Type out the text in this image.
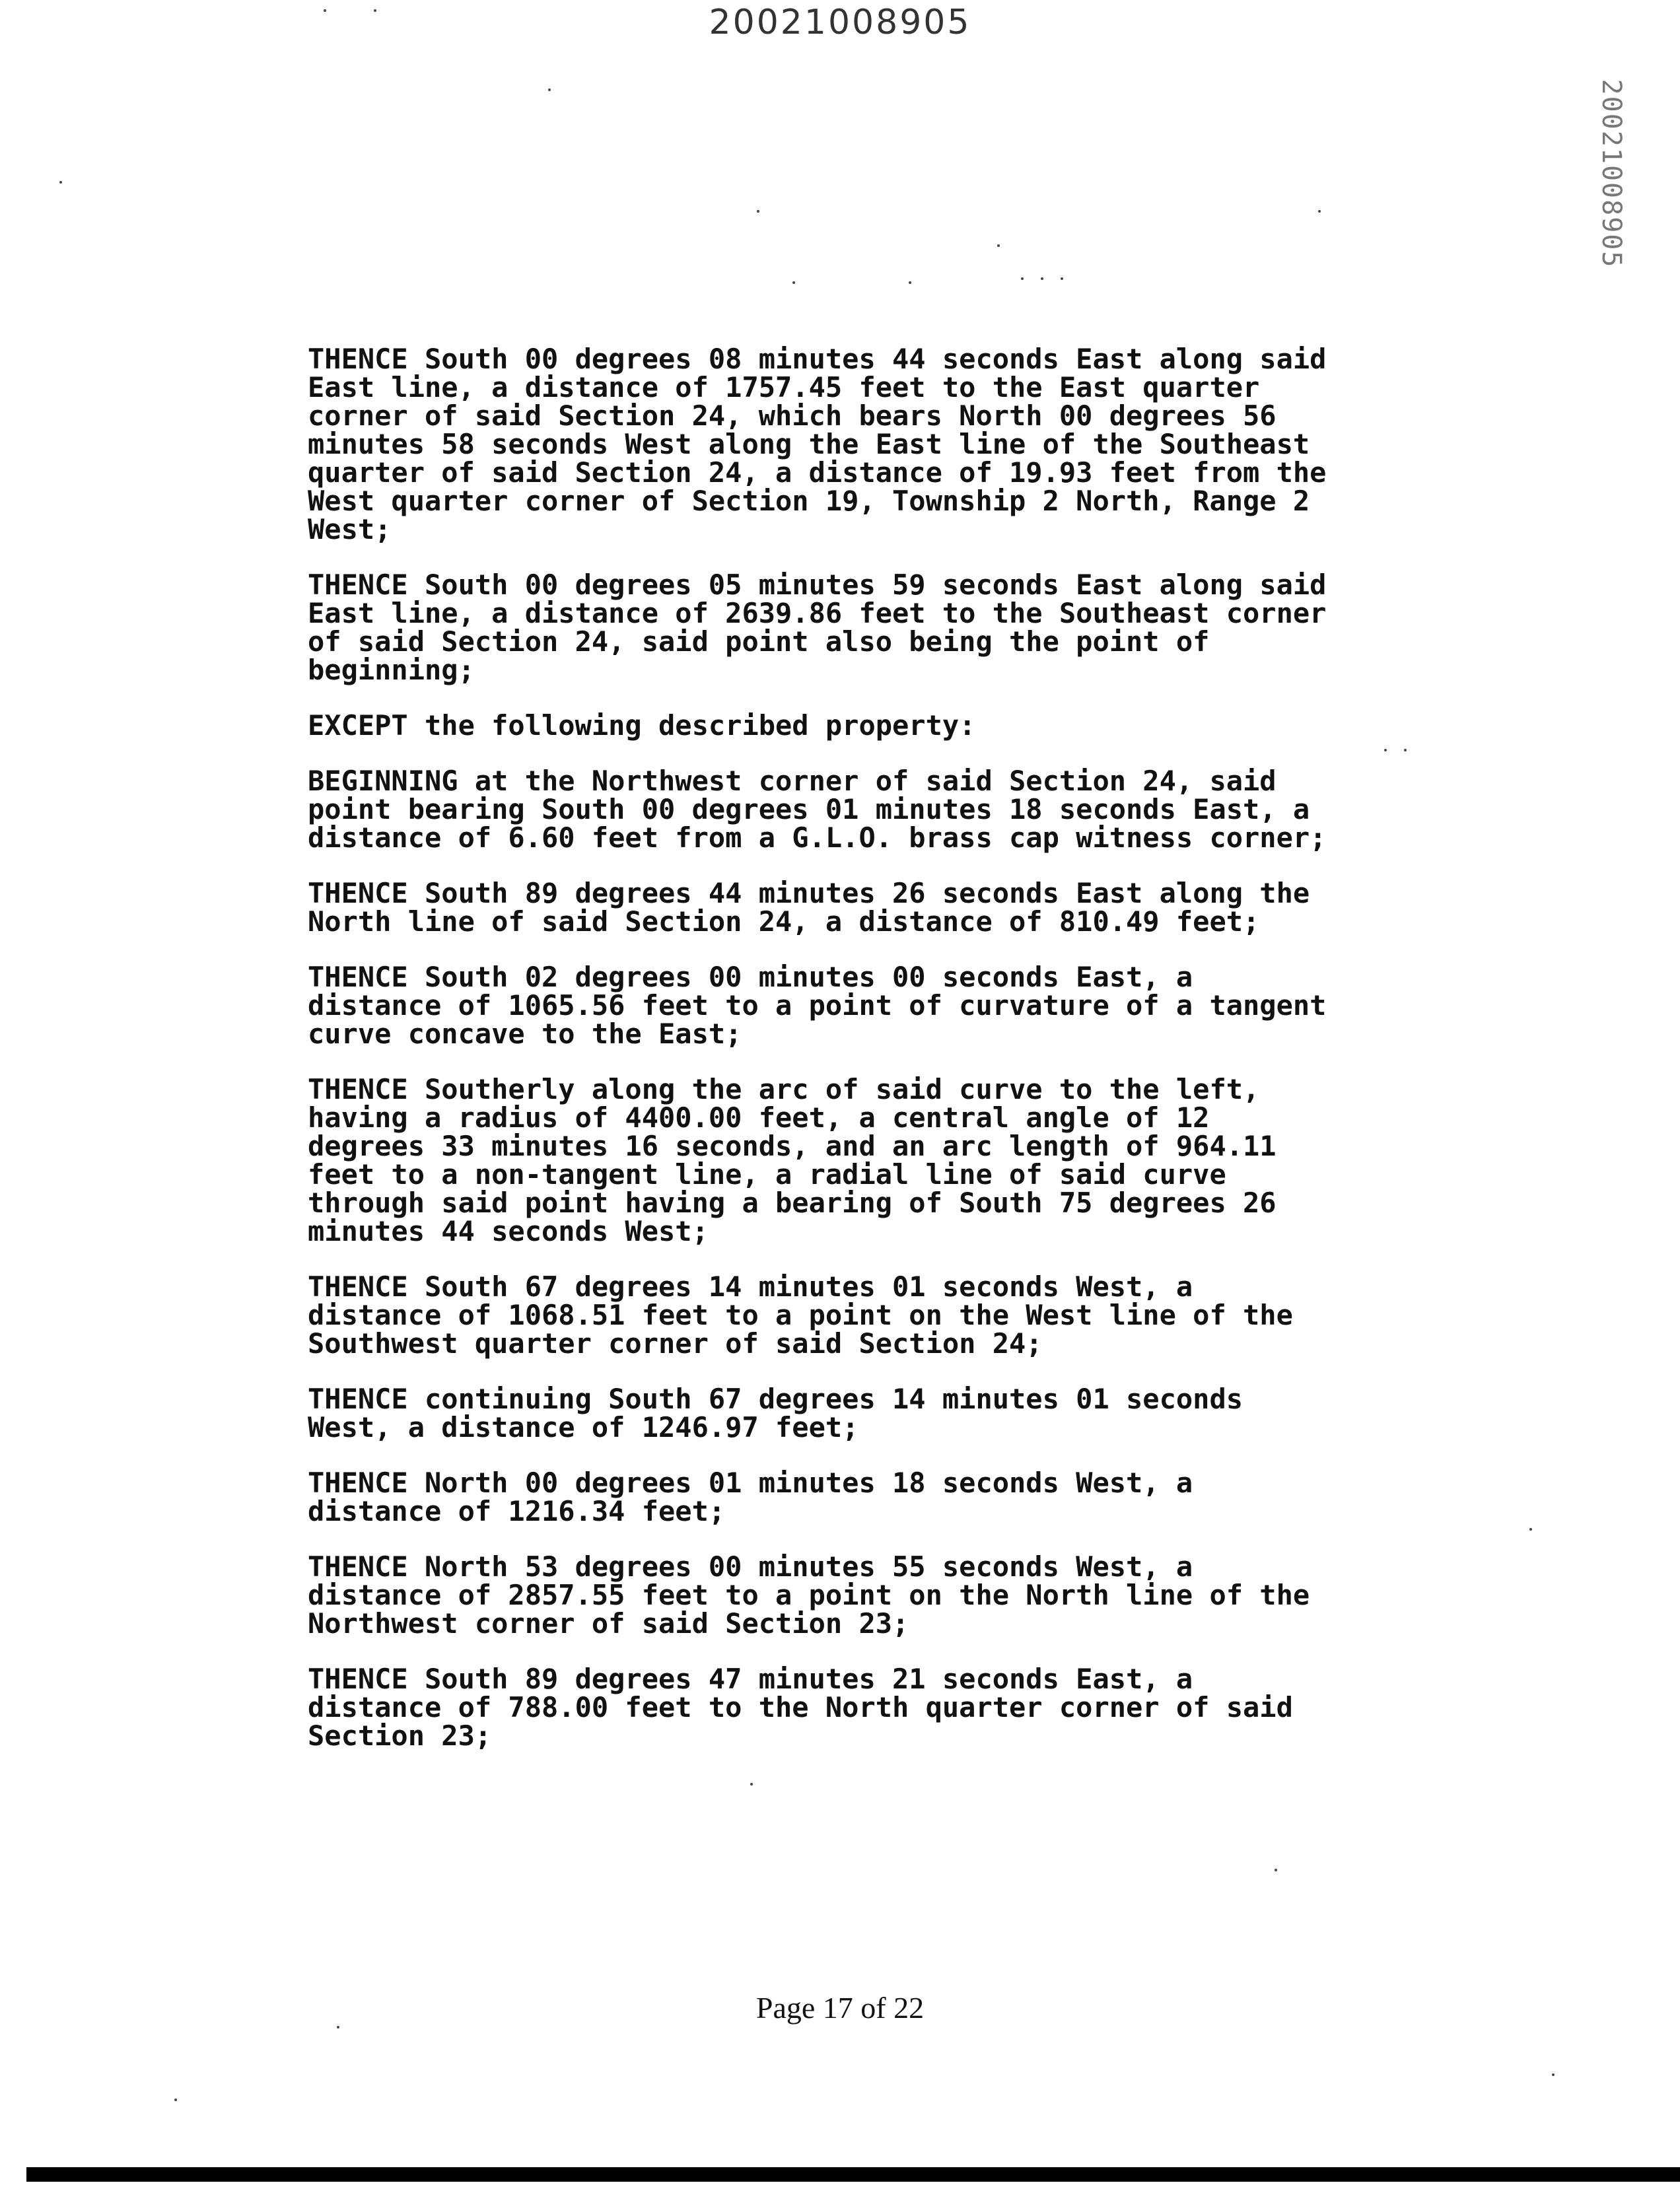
20021008905
20021008905
THENCE South 00 degrees 08 minutes 44 seconds East along said
East line, a distance of 1757.45 feet to the East quarter
corner of said Section 24, which bears North 00 degrees 56
minutes 58 seconds West along the East line of the Southeast
quarter of said Section 24, a distance of 19.93 feet from the
West quarter corner of Section 19, Township 2 North, Range 2
West;
THENCE South 00 degrees 05 minutes 59 seconds East along said
East line, a distance of 2639.86 feet to the Southeast corner
of said Section 24, said point also being the point of
beginning;
EXCEPT the following described property:
BEGINNING at the Northwest corner of said Section 24, said
point bearing South 00 degrees 01 minutes 18 seconds East, a
distance of 6.60 feet from a G.L.O. brass cap witness corner;
THENCE South 89 degrees 44 minutes 26 seconds East along the
North line of said Section 24, a distance of 810.49 feet;
THENCE South 02 degrees 00 minutes 00 seconds East, a
distance of 1065.56 feet to a point of curvature of a tangent
curve concave to the East;
THENCE Southerly along the arc of said curve to the left,
having a radius of 4400.00 feet, a central angle of 12
degrees 33 minutes 16 seconds, and an arc length of 964.11
feet to a non-tangent line, a radial line of said curve
through said point having a bearing of South 75 degrees 26
minutes 44 seconds West;
THENCE South 67 degrees 14 minutes 01 seconds West, a
distance of 1068.51 feet to a point on the West line of the
Southwest quarter corner of said Section 24;
THENCE continuing South 67 degrees 14 minutes 01 seconds
West, a distance of 1246.97 feet;
THENCE North 00 degrees 01 minutes 18 seconds West, a
distance of 1216.34 feet;
THENCE North 53 degrees 00 minutes 55 seconds West, a
distance of 2857.55 feet to a point on the North line of the
Northwest corner of said Section 23;
THENCE South 89 degrees 47 minutes 21 seconds East, a
distance of 788.00 feet to the North quarter corner of said
Section 23;
Page 17 of 22
